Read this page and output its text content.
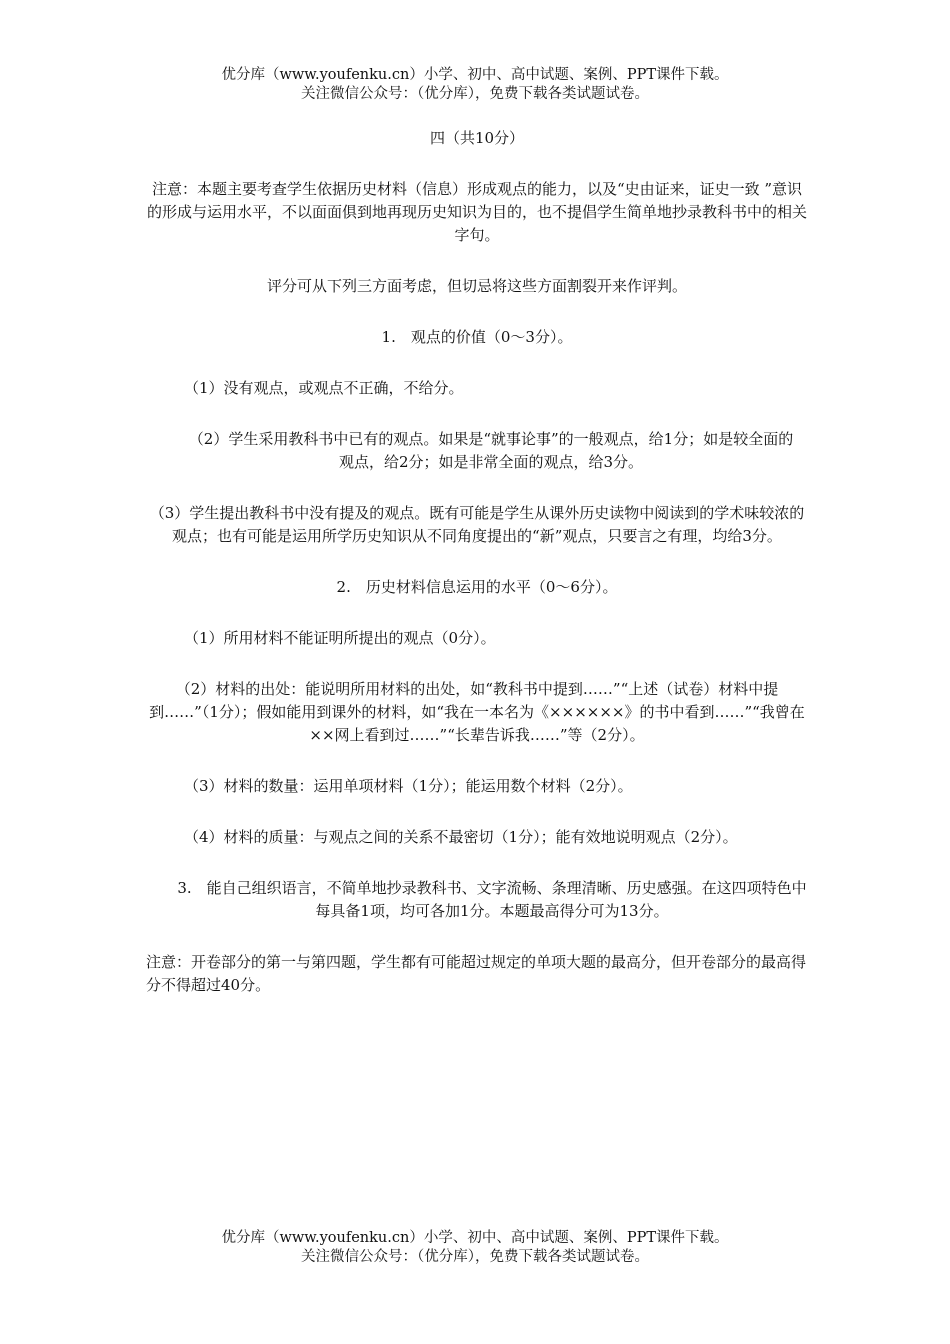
优分库（www.youfenku.cn）小学、初中、高中试题、案例、PPT课件下载。
关注微信公众号：（优分库），免费下载各类试题试卷。

四（共10分）

注意：本题主要考查学生依据历史材料（信息）形成观点的能力，以及“史由证来，证史一致 ”意识的形成与运用水平，不以面面俱到地再现历史知识为目的，也不提倡学生简单地抄录教科书中的相关字句。

评分可从下列三方面考虑，但切忌将这些方面割裂开来作评判。

1.　观点的价值（0～3分）。

（1）没有观点，或观点不正确，不给分。

（2）学生采用教科书中已有的观点。如果是“就事论事”的一般观点，给1分；如是较全面的观点，给2分；如是非常全面的观点，给3分。

（3）学生提出教科书中没有提及的观点。既有可能是学生从课外历史读物中阅读到的学术味较浓的观点；也有可能是运用所学历史知识从不同角度提出的“新”观点，只要言之有理，均给3分。

2.　历史材料信息运用的水平（0～6分）。

（1）所用材料不能证明所提出的观点（0分）。

（2）材料的出处：能说明所用材料的出处，如“教科书中提到……”“上述（试卷）材料中提到……”（1分）；假如能用到课外的材料，如“我在一本名为《××××××》的书中看到……”“我曾在××网上看到过……”“长辈告诉我……”等（2分）。

（3）材料的数量：运用单项材料（1分）；能运用数个材料（2分）。

（4）材料的质量：与观点之间的关系不最密切（1分）；能有效地说明观点（2分）。

3.　能自己组织语言，不简单地抄录教科书、文字流畅、条理清晰、历史感强。在这四项特色中每具备1项，均可各加1分。本题最高得分可为13分。

注意：开卷部分的第一与第四题，学生都有可能超过规定的单项大题的最高分，但开卷部分的最高得分不得超过40分。

优分库（www.youfenku.cn）小学、初中、高中试题、案例、PPT课件下载。
关注微信公众号：（优分库），免费下载各类试题试卷。
